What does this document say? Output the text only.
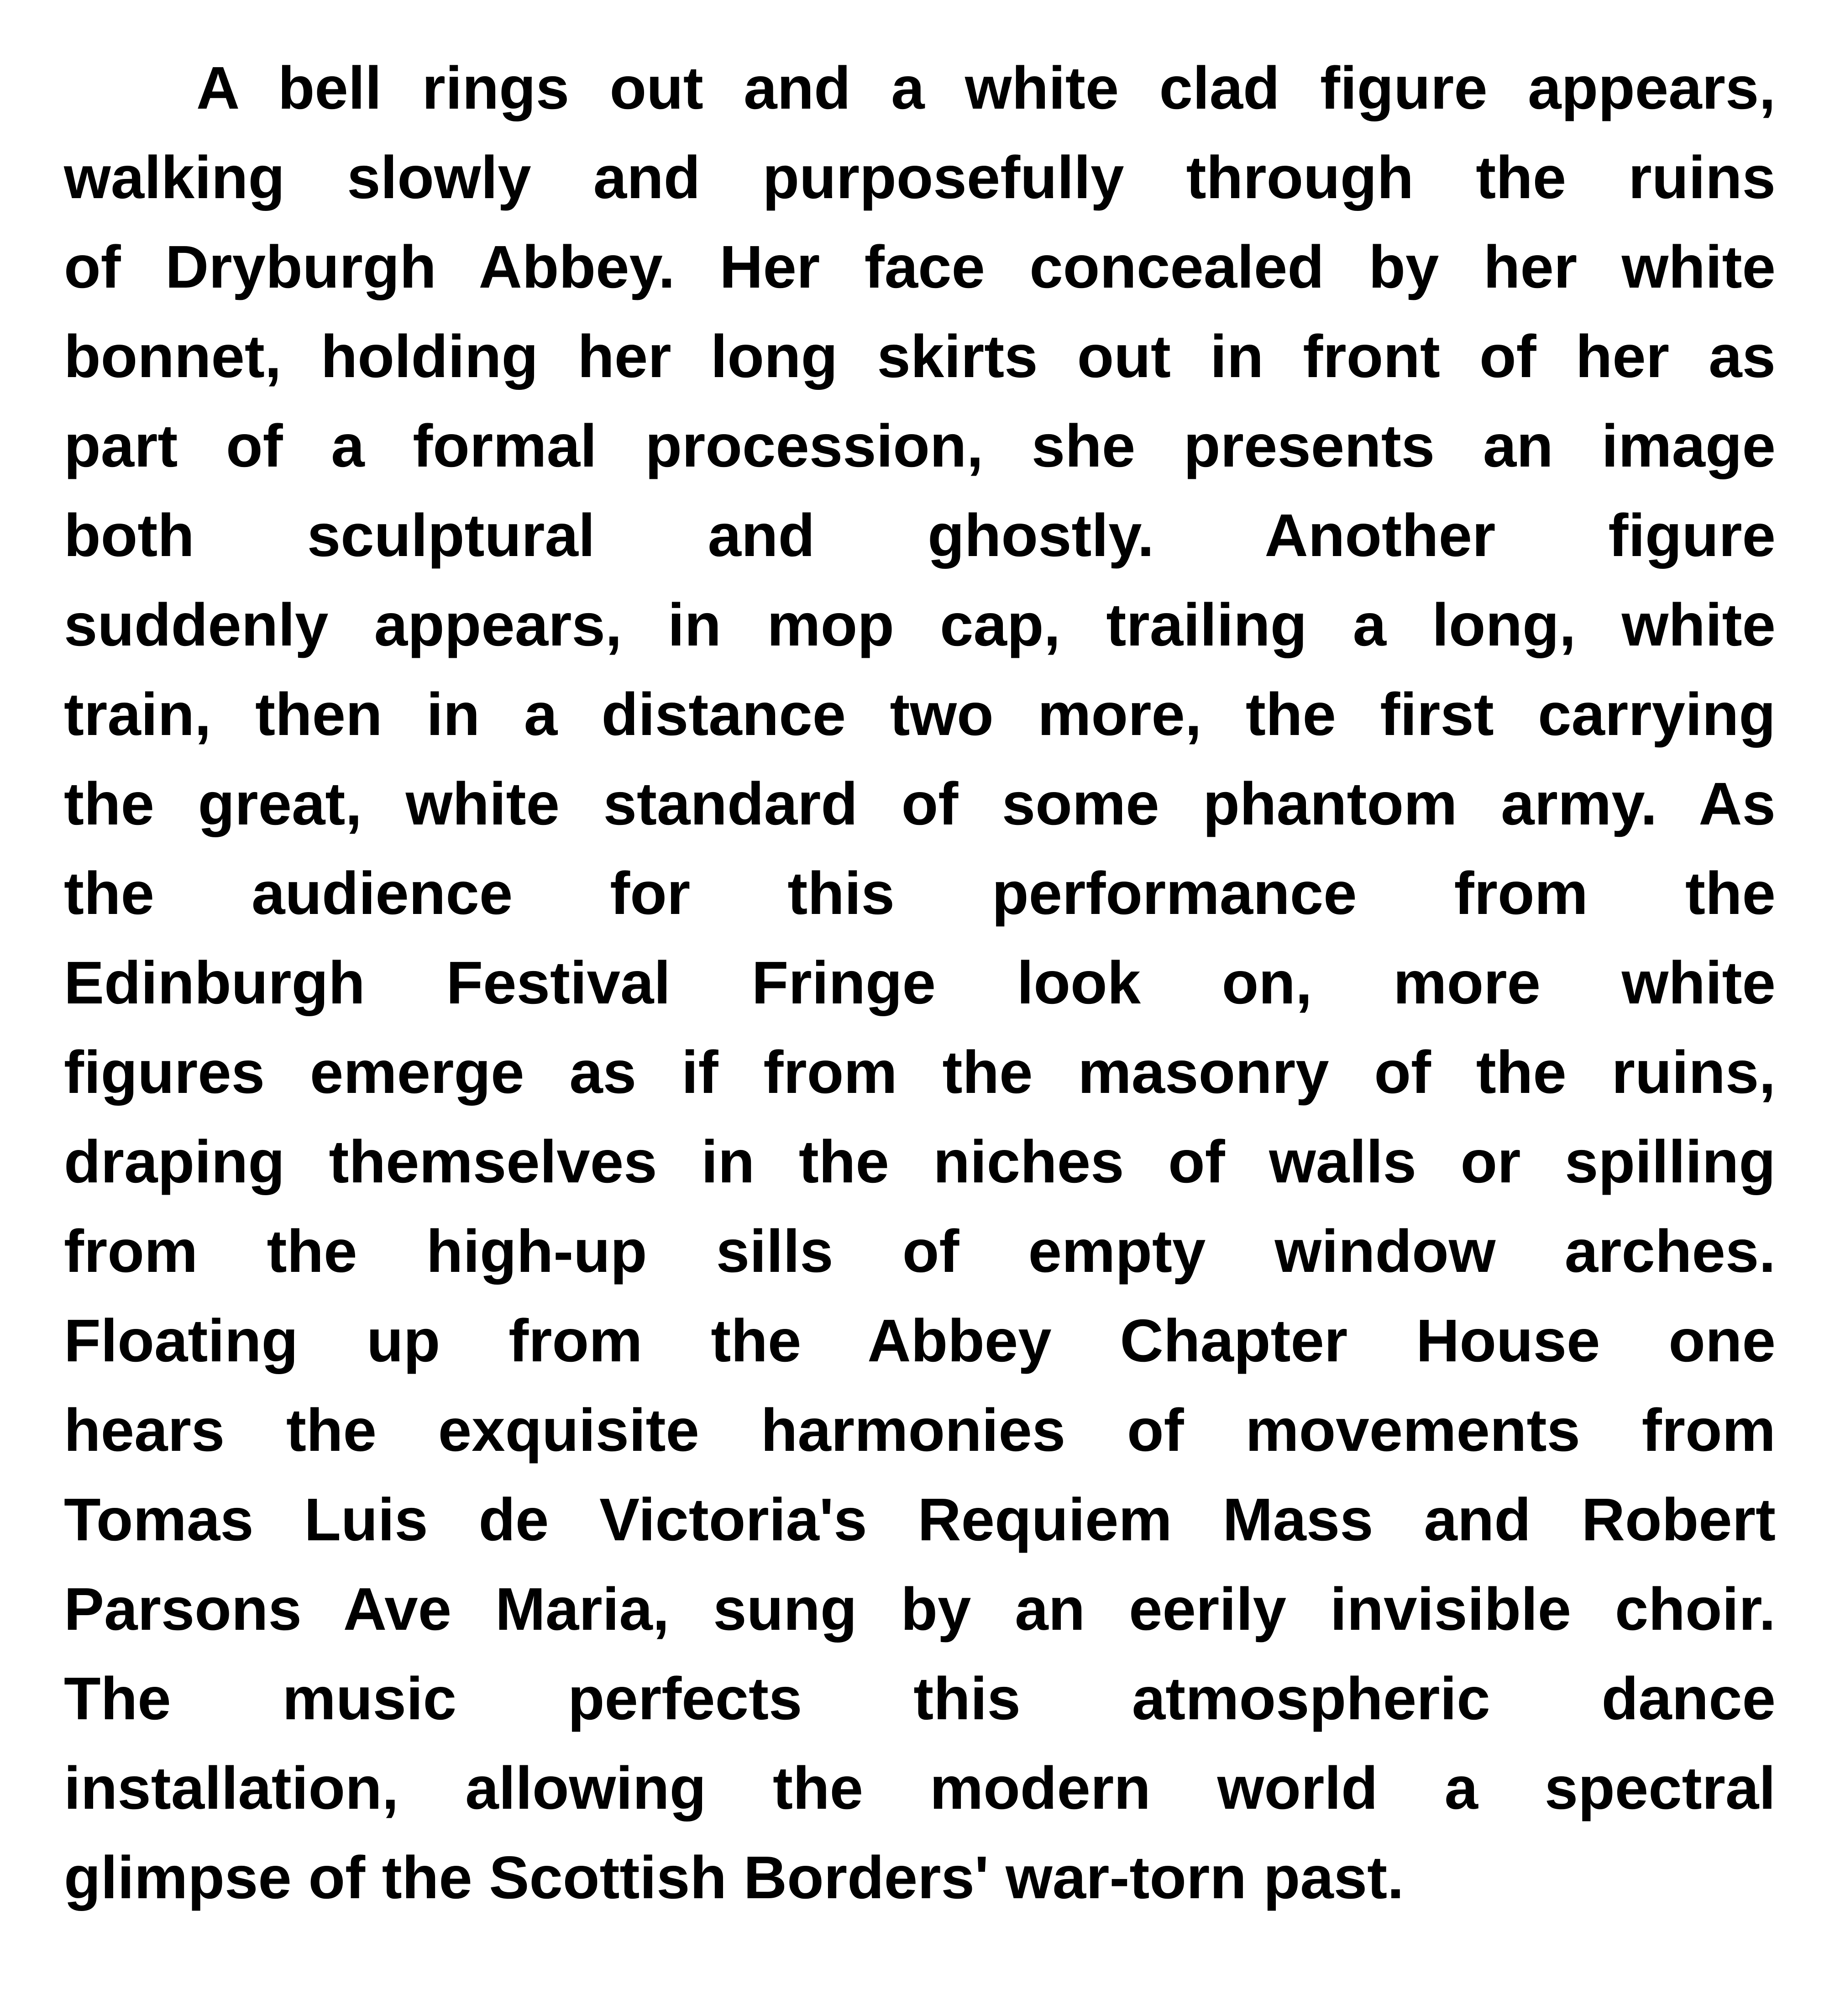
A bell rings out and a white clad figure appears,
walking slowly and purposefully through the ruins
of Dryburgh Abbey. Her face concealed by her white
bonnet, holding her long skirts out in front of her as
part of a formal procession, she presents an image
both sculptural and ghostly. Another figure
suddenly appears, in mop cap, trailing a long, white
train, then in a distance two more, the first carrying
the great, white standard of some phantom army. As
the audience for this performance from the
Edinburgh Festival Fringe look on, more white
figures emerge as if from the masonry of the ruins,
draping themselves in the niches of walls or spilling
from the high-up sills of empty window arches.
Floating up from the Abbey Chapter House one
hears the exquisite harmonies of movements from
Tomas Luis de Victoria's Requiem Mass and Robert
Parsons Ave Maria, sung by an eerily invisible choir.
The music perfects this atmospheric dance
installation, allowing the modern world a spectral
glimpse of the Scottish Borders' war-torn past.
